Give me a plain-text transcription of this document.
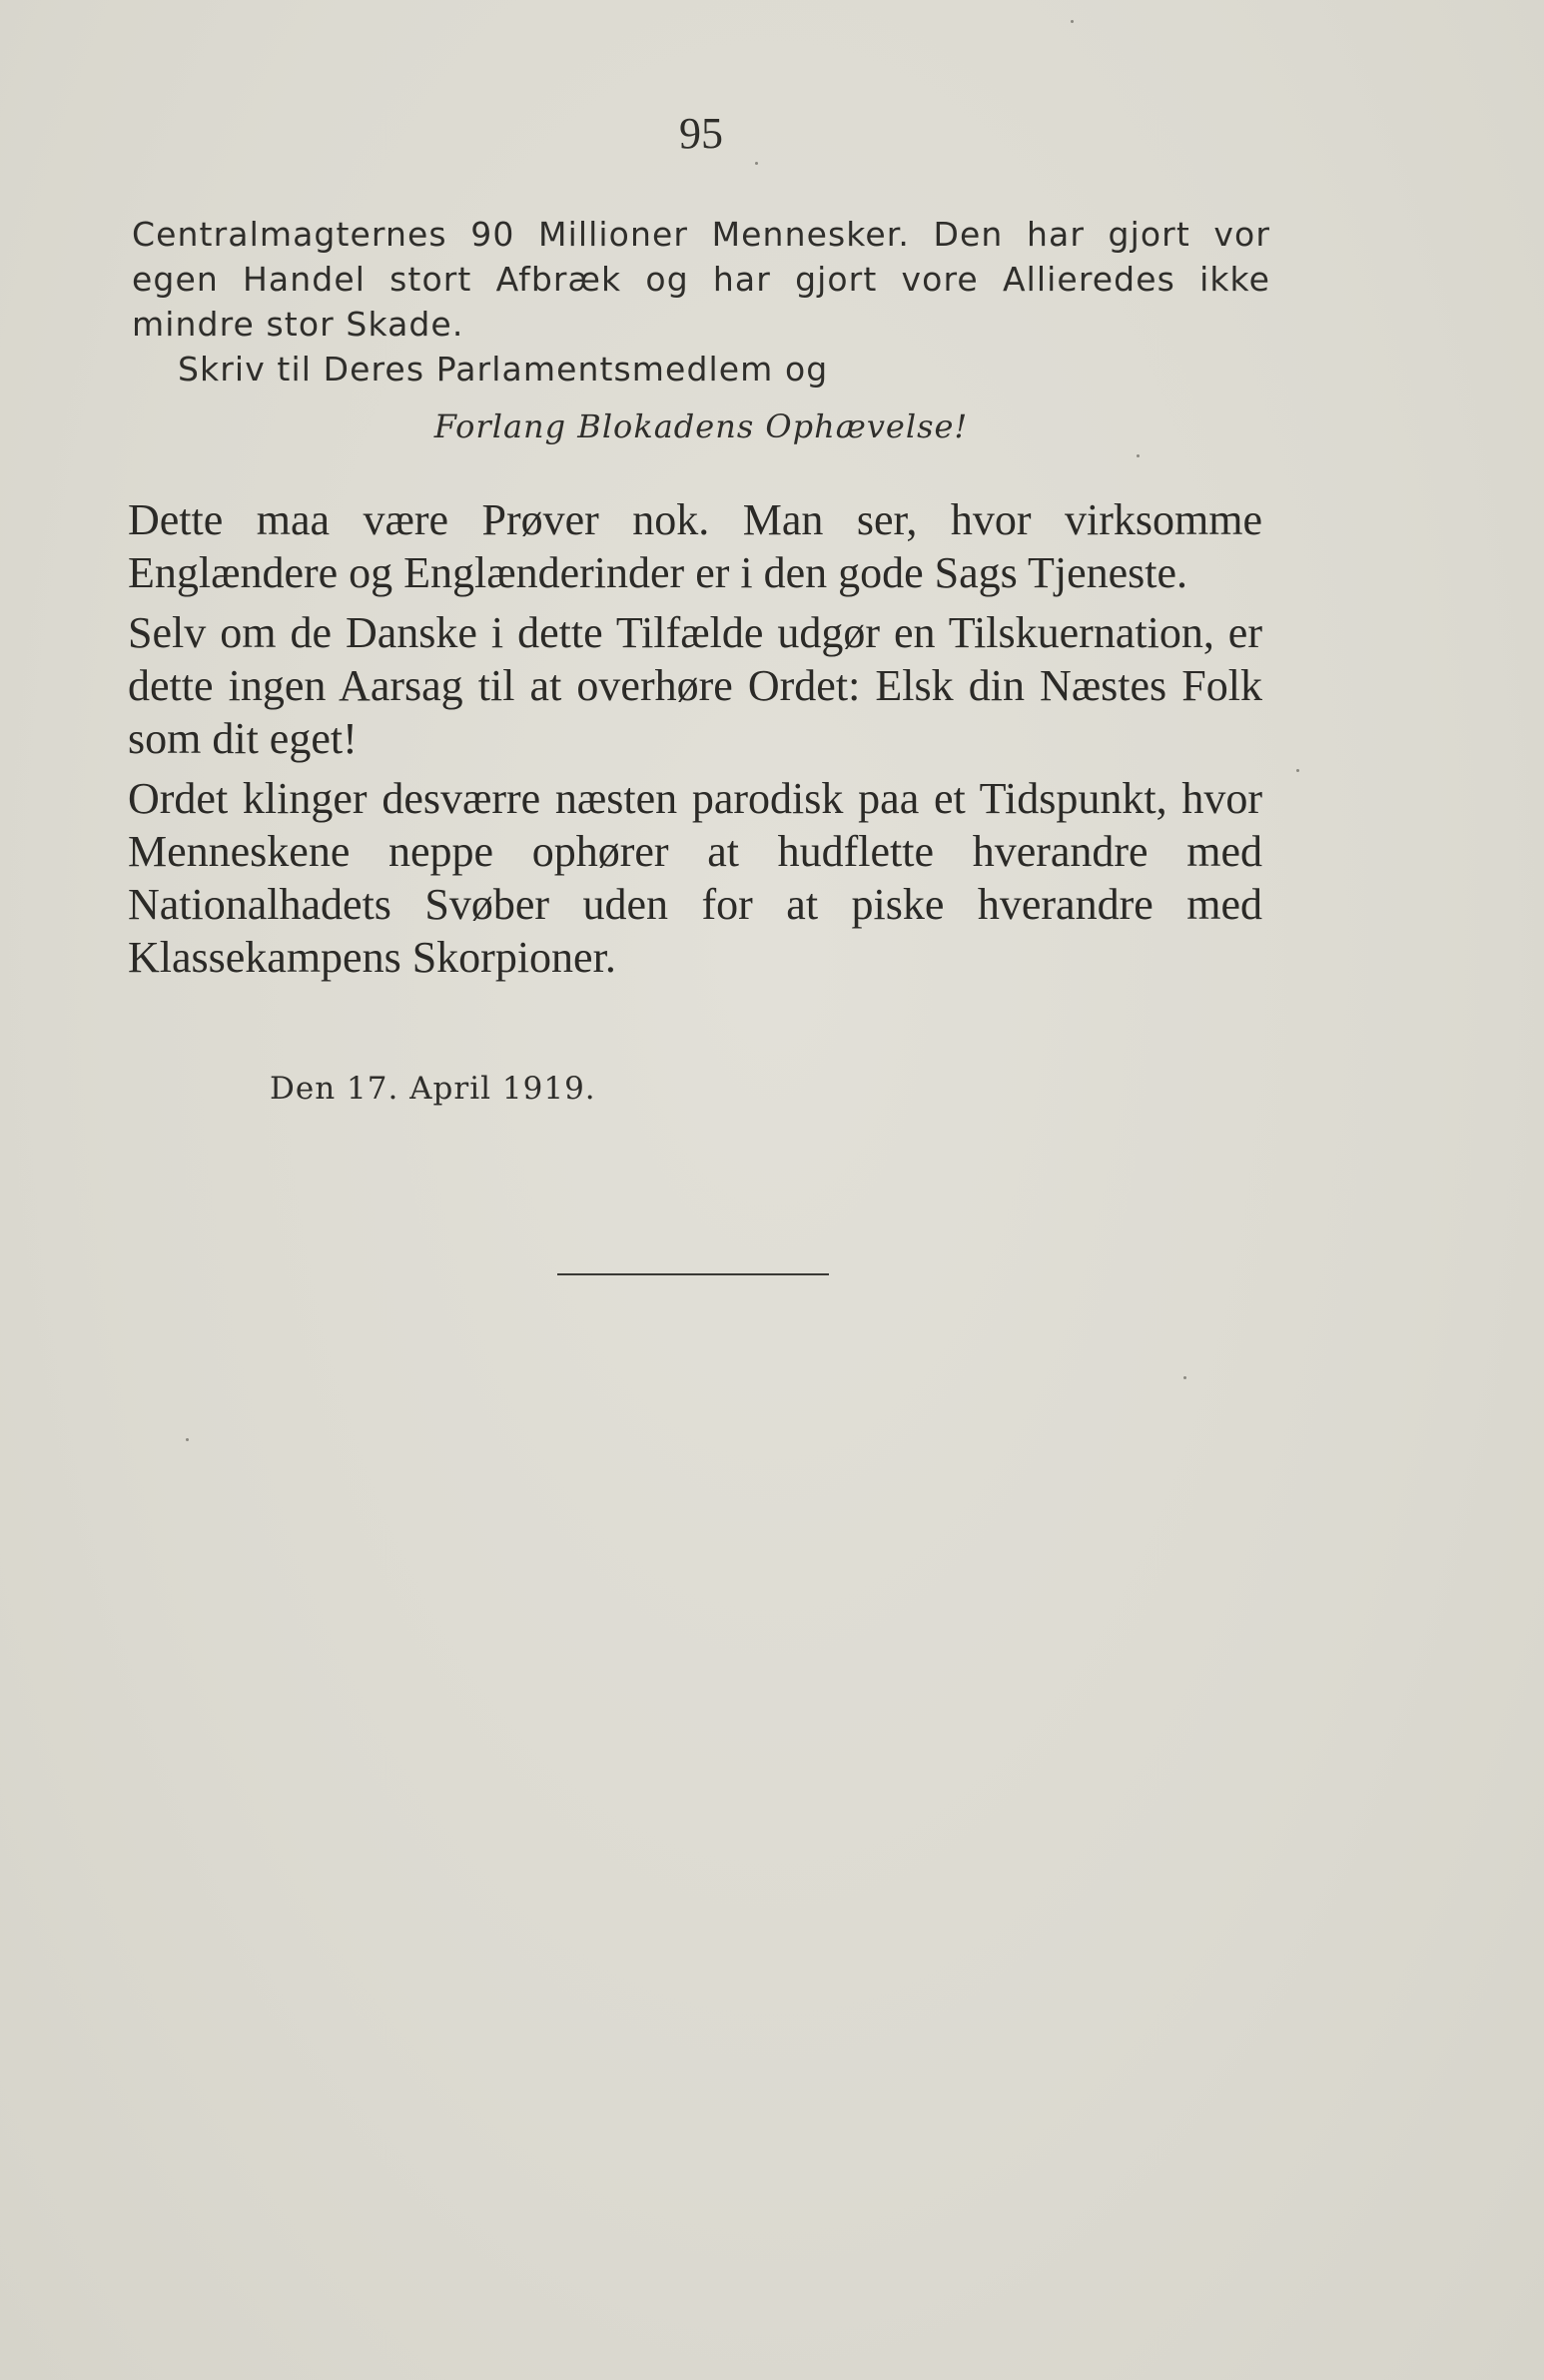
95

Centralmagternes 90 Millioner Mennesker. Den har gjort vor egen Handel stort Afbræk og har gjort vore Allieredes ikke mindre stor Skade.

Skriv til Deres Parlamentsmedlem og

Forlang Blokadens Ophævelse!

Dette maa være Prøver nok. Man ser, hvor virksomme Englændere og Englænderinder er i den gode Sags Tjeneste.

Selv om de Danske i dette Tilfælde udgør en Tilskuernation, er dette ingen Aarsag til at overhøre Ordet: Elsk din Næstes Folk som dit eget!

Ordet klinger desværre næsten parodisk paa et Tidspunkt, hvor Menneskene neppe ophører at hudflette hverandre med Nationalhadets Svøber uden for at piske hverandre med Klassekampens Skorpioner.

Den 17. April 1919.
